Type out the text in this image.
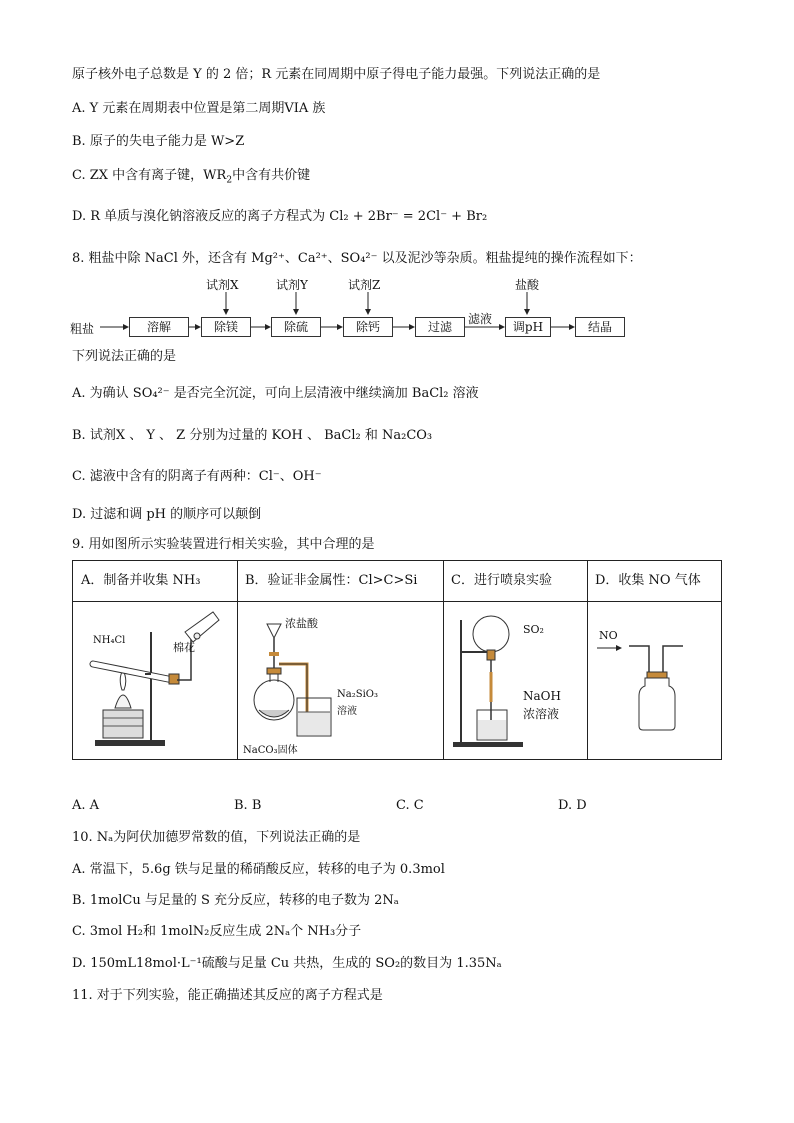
原子核外电子总数是 Y 的 2 倍；R 元素在同周期中原子得电子能力最强。下列说法正确的是
A. Y 元素在周期表中位置是第二周期VIA 族
B. 原子的失电子能力是 W>Z
C. ZX 中含有离子键，$WR_2$中含有共价键
D. R 单质与溴化钠溶液反应的离子方程式为 Cl₂ + 2Br⁻ = 2Cl⁻ + Br₂
8. 粗盐中除 NaCl 外，还含有 Mg²⁺、Ca²⁺、SO₄²⁻ 以及泥沙等杂质。粗盐提纯的操作流程如下：
粗盐	溶解	除镁	除硫	除钙	过滤	调pH	结晶
试剂X	试剂Y	试剂Z	盐酸
滤液
下列说法正确的是
A. 为确认 SO₄²⁻ 是否完全沉淀，可向上层清液中继续滴加 BaCl₂ 溶液
B. 试剂X 、 Y 、 Z 分别为过量的 KOH 、 BaCl₂ 和 Na₂CO₃
C. 滤液中含有的阴离子有两种：Cl⁻、OH⁻
D. 过滤和调 pH 的顺序可以颠倒
9. 用如图所示实验装置进行相关实验，其中合理的是
A．制备并收集 NH₃
NH₄Cl
棉花
B．验证非金属性：Cl>C>Si
浓盐酸
Na₂SiO₃
溶液
NaCO₃固体
C．进行喷泉实验
SO₂
NaOH
浓溶液
D．收集 NO 气体
NO
A. A	B. B	C. C	D. D
10. Nₐ为阿伏加德罗常数的值，下列说法正确的是
A. 常温下，5.6g 铁与足量的稀硝酸反应，转移的电子为 0.3mol
B. 1molCu 与足量的 S 充分反应，转移的电子数为 2Nₐ
C. 3mol H₂和 1molN₂反应生成 2Nₐ个 NH₃分子
D. 150mL18mol·L⁻¹硫酸与足量 Cu 共热，生成的 SO₂的数目为 1.35Nₐ
11. 对于下列实验，能正确描述其反应的离子方程式是
